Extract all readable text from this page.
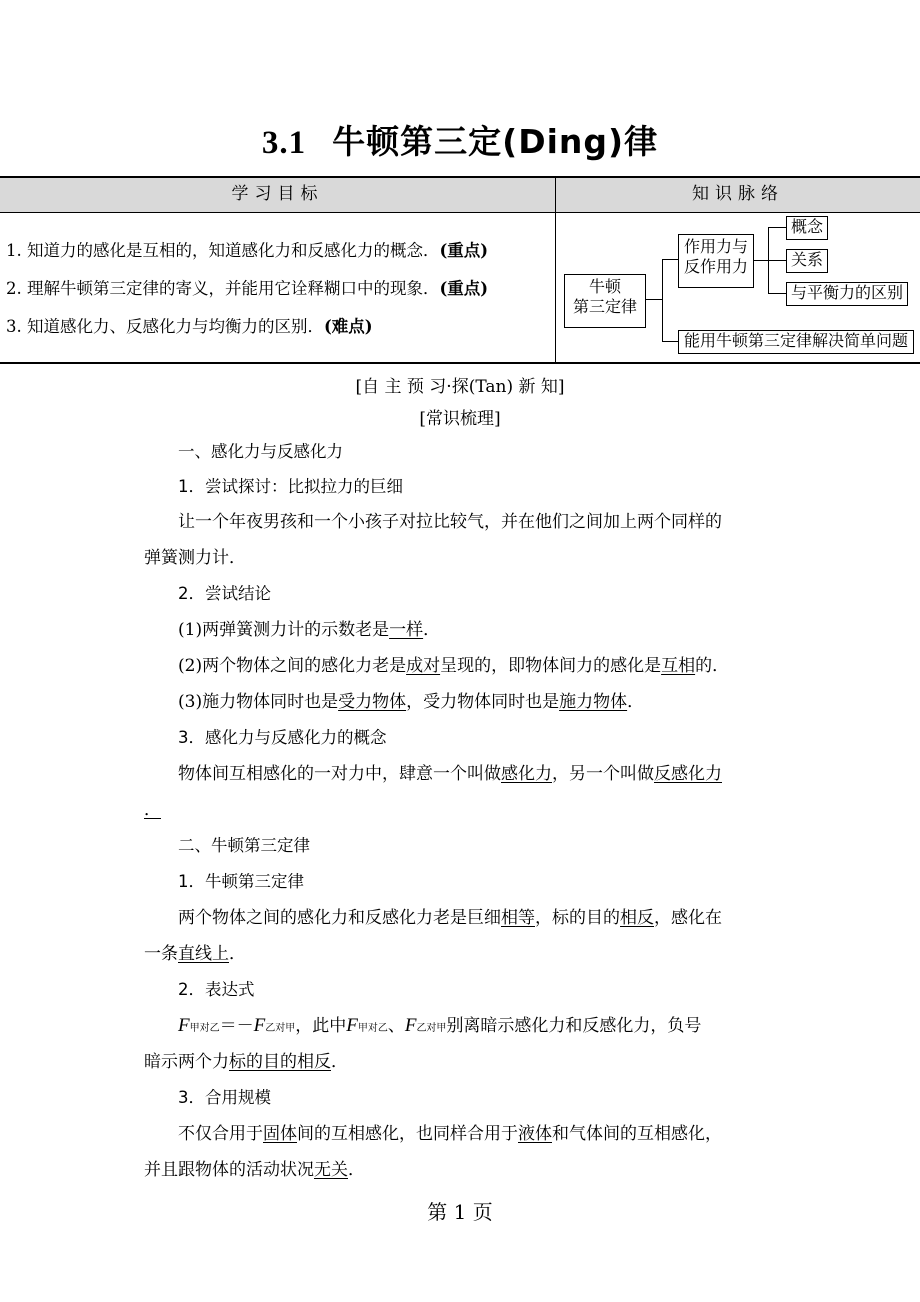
3.1 牛顿第三定(Ding)律
学习目标	知识脉络
1. 知道力的感化是互相的，知道感化力和反感化力的概念．(重点)
2. 理解牛顿第三定律的寄义，并能用它诠释糊口中的现象．(重点)
3. 知道感化力、反感化力与均衡力的区别．(难点)
牛顿
第三定律
作用力与
反作用力
概念
关系
与平衡力的区别
能用牛顿第三定律解决简单问题
[自 主 预 习·探(Tan) 新 知]
[常识梳理]
一、感化力与反感化力
1．尝试探讨：比拟拉力的巨细
让一个年夜男孩和一个小孩子对拉比较气，并在他们之间加上两个同样的
弹簧测力计．
2．尝试结论
(1)两弹簧测力计的示数老是一样．
(2)两个物体之间的感化力老是成对呈现的，即物体间力的感化是互相的．
(3)施力物体同时也是受力物体，受力物体同时也是施力物体．
3．感化力与反感化力的概念
物体间互相感化的一对力中，肆意一个叫做感化力，另一个叫做反感化力
．
二、牛顿第三定律
1．牛顿第三定律
两个物体之间的感化力和反感化力老是巨细相等，标的目的相反，感化在
一条直线上．
2．表达式
F甲对乙＝－F乙对甲，此中F甲对乙、F乙对甲别离暗示感化力和反感化力，负号
暗示两个力标的目的相反．
3．合用规模
不仅合用于固体间的互相感化，也同样合用于液体和气体间的互相感化，
并且跟物体的活动状况无关．
第 1 页
